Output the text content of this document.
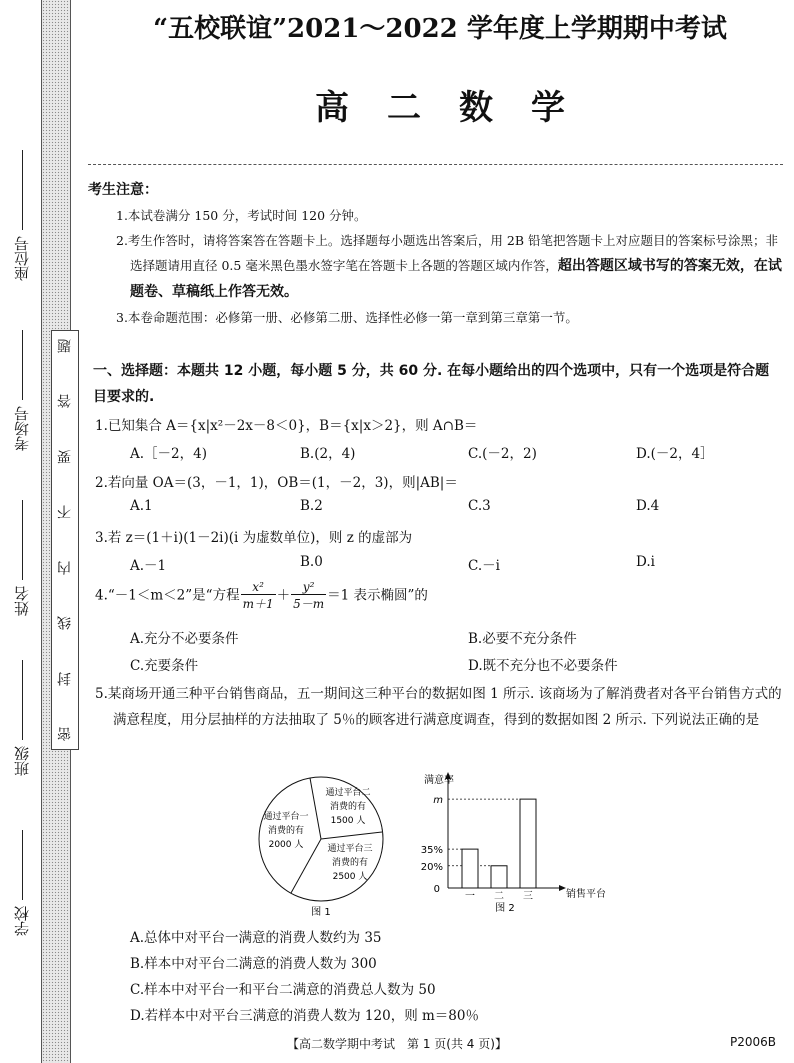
题
答
要
不
内
线
封
密
座位号
考场号
姓名
班级
学校
“五校联谊”2021～2022 学年度上学期期中考试
高二数学
考生注意：

1.本试卷满分 150 分，考试时间 120 分钟。

2.考生作答时，请将答案答在答题卡上。选择题每小题选出答案后，用 2B 铅笔把答题卡上对应题目的答案标号涂黑；非选择题请用直径 0.5 毫米黑色墨水签字笔在答题卡上各题的答题区域内作答，超出答题区域书写的答案无效，在试题卷、草稿纸上作答无效。

3.本卷命题范围：必修第一册、必修第二册、选择性必修一第一章到第三章第一节。

一、选择题：本题共 12 小题，每小题 5 分，共 60 分. 在每小题给出的四个选项中，只有一个选项是符合题目要求的.
1.已知集合 A＝{x|x²－2x－8＜0}，B＝{x|x＞2}，则 A∩B＝
A.［－2，4)	B.(2，4)	C.(－2，2)	D.(－2，4］
2.若向量 OA＝(3，－1，1)，OB＝(1，－2，3)，则|AB|＝
A.1	B.2	C.3	D.4
3.若 z＝(1＋i)(1－2i)(i 为虚数单位)，则 z 的虚部为
A.－1	B.0	C.－i	D.i
4.“－1＜m＜2”是“方程 $\frac{\text{x²}}{m+1} + \frac{\text{y²}}{5-m} =1$ 表示椭圆”的
A.充分不必要条件	B.必要不充分条件
C.充要条件	D.既不充分也不必要条件

5.某商场开通三种平台销售商品，五一期间这三种平台的数据如图 1 所示. 该商场为了解消费者对各平台销售方式的满意程度，用分层抽样的方法抽取了 5％的顾客进行满意度调查，得到的数据如图 2 所示. 下列说法正确的是

通过平台一
消费的有
2000 人
通过平台二
消费的有
1500 人
通过平台三
消费的有
2500 人
图 1
满意率
销售平台
0
m
35%
20%
一 二 三
图 2
A.总体中对平台一满意的消费人数约为 35
B.样本中对平台二满意的消费人数为 300
C.样本中对平台一和平台二满意的消费总人数为 50
D.若样本中对平台三满意的消费人数为 120，则 m＝80％
【高二数学期中考试　第 1 页(共 4 页)】	P2006B
